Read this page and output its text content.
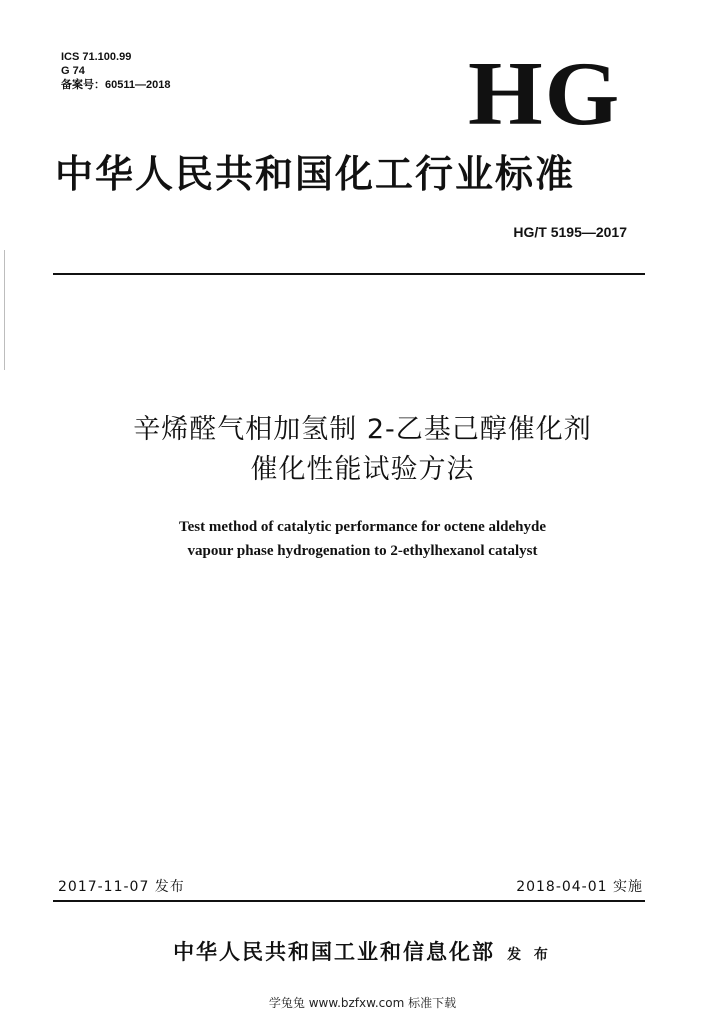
ICS 71.100.99
G 74
备案号：60511—2018	HG
中华人民共和国化工行业标准
HG/T 5195—2017
辛烯醛气相加氢制 2-乙基己醇催化剂
催化性能试验方法
Test method of catalytic performance for octene aldehyde
vapour phase hydrogenation to 2-ethylhexanol catalyst
2017-11-07 发布	2018-04-01 实施
中华人民共和国工业和信息化部 发 布
学兔兔 www.bzfxw.com 标准下载
